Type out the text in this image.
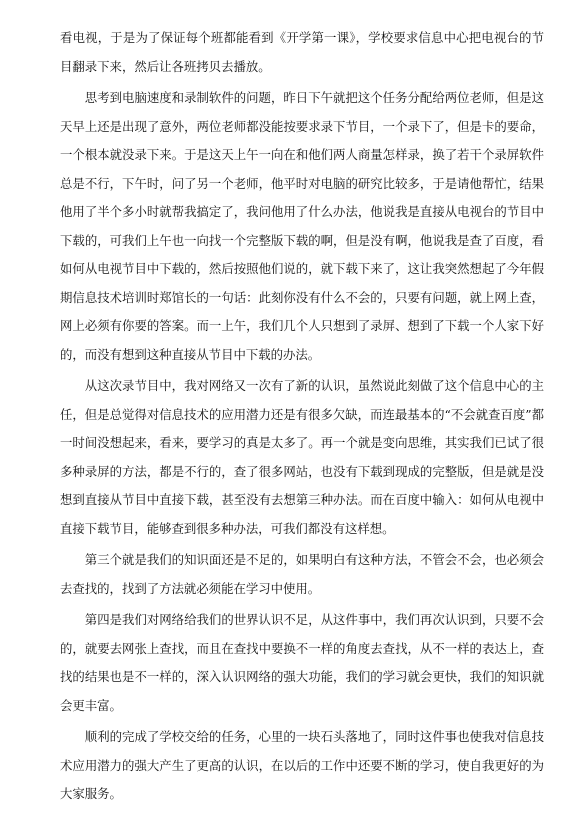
看电视，于是为了保证每个班都能看到《开学第一课》，学校要求信息中心把电视台的节目翻录下来，然后让各班拷贝去播放。

思考到电脑速度和录制软件的问题，昨日下午就把这个任务分配给两位老师，但是这天早上还是出现了意外，两位老师都没能按要求录下节目，一个录下了，但是卡的要命，一个根本就没录下来。于是这天上午一向在和他们两人商量怎样录，换了若干个录屏软件总是不行，下午时，问了另一个老师，他平时对电脑的研究比较多，于是请他帮忙，结果他用了半个多小时就帮我搞定了，我问他用了什么办法，他说我是直接从电视台的节目中下载的，可我们上午也一向找一个完整版下载的啊，但是没有啊，他说我是查了百度，看如何从电视节目中下载的，然后按照他们说的，就下载下来了，这让我突然想起了今年假期信息技术培训时郑馆长的一句话：此刻你没有什么不会的，只要有问题，就上网上查，网上必须有你要的答案。而一上午，我们几个人只想到了录屏、想到了下载一个人家下好的，而没有想到这种直接从节目中下载的办法。

从这次录节目中，我对网络又一次有了新的认识，虽然说此刻做了这个信息中心的主任，但是总觉得对信息技术的应用潜力还是有很多欠缺，而连最基本的“不会就查百度”都一时间没想起来，看来，要学习的真是太多了。再一个就是变向思维，其实我们已试了很多种录屏的方法，都是不行的，查了很多网站，也没有下载到现成的完整版，但是就是没想到直接从节目中直接下载，甚至没有去想第三种办法。而在百度中输入：如何从电视中直接下载节目，能够查到很多种办法，可我们都没有这样想。

第三个就是我们的知识面还是不足的，如果明白有这种方法，不管会不会，也必须会去查找的，找到了方法就必须能在学习中使用。

第四是我们对网络给我们的世界认识不足，从这件事中，我们再次认识到，只要不会的，就要去网张上查找，而且在查找中要换不一样的角度去查找，从不一样的表达上，查找的结果也是不一样的，深入认识网络的强大功能，我们的学习就会更快，我们的知识就会更丰富。

顺利的完成了学校交给的任务，心里的一块石头落地了，同时这件事也使我对信息技术应用潜力的强大产生了更高的认识，在以后的工作中还要不断的学习，使自我更好的为大家服务。
